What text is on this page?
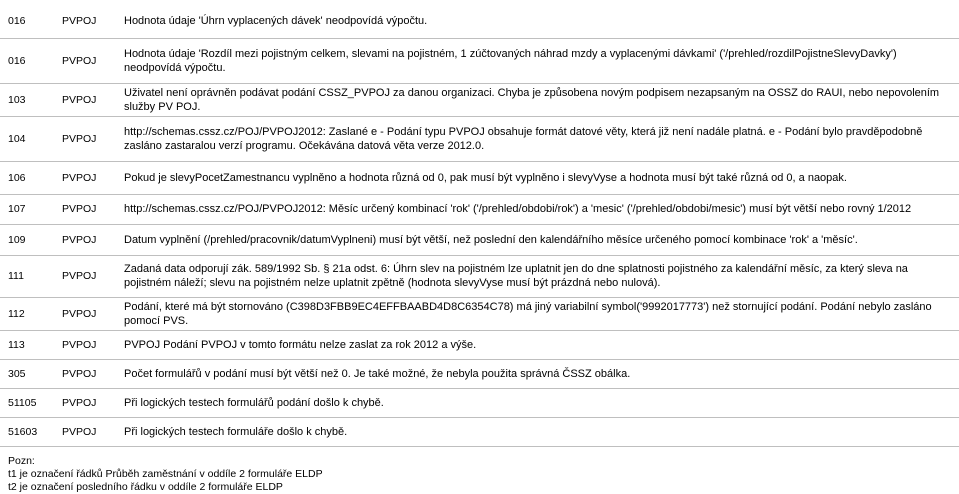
016	PVPOJ	Hodnota údaje 'Úhrn vyplacených dávek' neodpovídá výpočtu.
016	PVPOJ	Hodnota údaje 'Rozdíl mezi pojistným celkem, slevami na pojistném, 1 zúčtovaných náhrad mzdy a vyplacenými dávkami' ('/prehled/rozdilPojistneSlevyDavky') neodpovídá výpočtu.
103	PVPOJ	Uživatel není oprávněn podávat podání CSSZ_PVPOJ za danou organizaci. Chyba je způsobena novým podpisem nezapsaným na OSSZ do RAUI, nebo nepovolením služby PV POJ.
104	PVPOJ	http://schemas.cssz.cz/POJ/PVPOJ2012: Zaslané e - Podání typu PVPOJ obsahuje formát datové věty, která již není nadále platná. e - Podání bylo pravděpodobně zasláno zastaralou verzí programu. Očekávána datová věta verze 2012.0.
106	PVPOJ	Pokud je slevyPocetZamestnancu vyplněno a hodnota různá od 0, pak musí být vyplněno i slevyVyse a hodnota musí být také různá od 0, a naopak.
107	PVPOJ	http://schemas.cssz.cz/POJ/PVPOJ2012: Měsíc určený kombinací 'rok' ('/prehled/obdobi/rok') a 'mesic' ('/prehled/obdobi/mesic') musí být větší nebo rovný 1/2012
109	PVPOJ	Datum vyplnění (/prehled/pracovnik/datumVyplneni) musí být větší, než poslední den kalendářního měsíce určeného pomocí kombinace 'rok' a 'měsíc'.
111	PVPOJ	Zadaná data odporují zák. 589/1992 Sb. § 21a odst. 6: Úhrn slev na pojistném lze uplatnit jen do dne splatnosti pojistného za kalendářní měsíc, za který sleva na pojistném náleží; slevu na pojistném nelze uplatnit zpětně (hodnota slevyVyse musí být prázdná nebo nulová).
112	PVPOJ	Podání, které má být stornováno (C398D3FBB9EC4EFFBAABD4D8C6354C78) má jiný variabilní symbol('9992017773') než stornující podání. Podání nebylo zasláno pomocí PVS.
113	PVPOJ	PVPOJ Podání PVPOJ v tomto formátu nelze zaslat za rok 2012 a výše.
305	PVPOJ	Počet formulářů v podání musí být větší než 0. Je také možné, že nebyla použita správná ČSSZ obálka.
51105	PVPOJ	Při logických testech formulářů podání došlo k chybě.
51603	PVPOJ	Při logických testech formuláře došlo k chybě.
Pozn:
t1 je označení řádků Průběh zaměstnání v oddíle 2 formuláře ELDP
t2 je označení posledního řádku v oddíle 2 formuláře ELDP
